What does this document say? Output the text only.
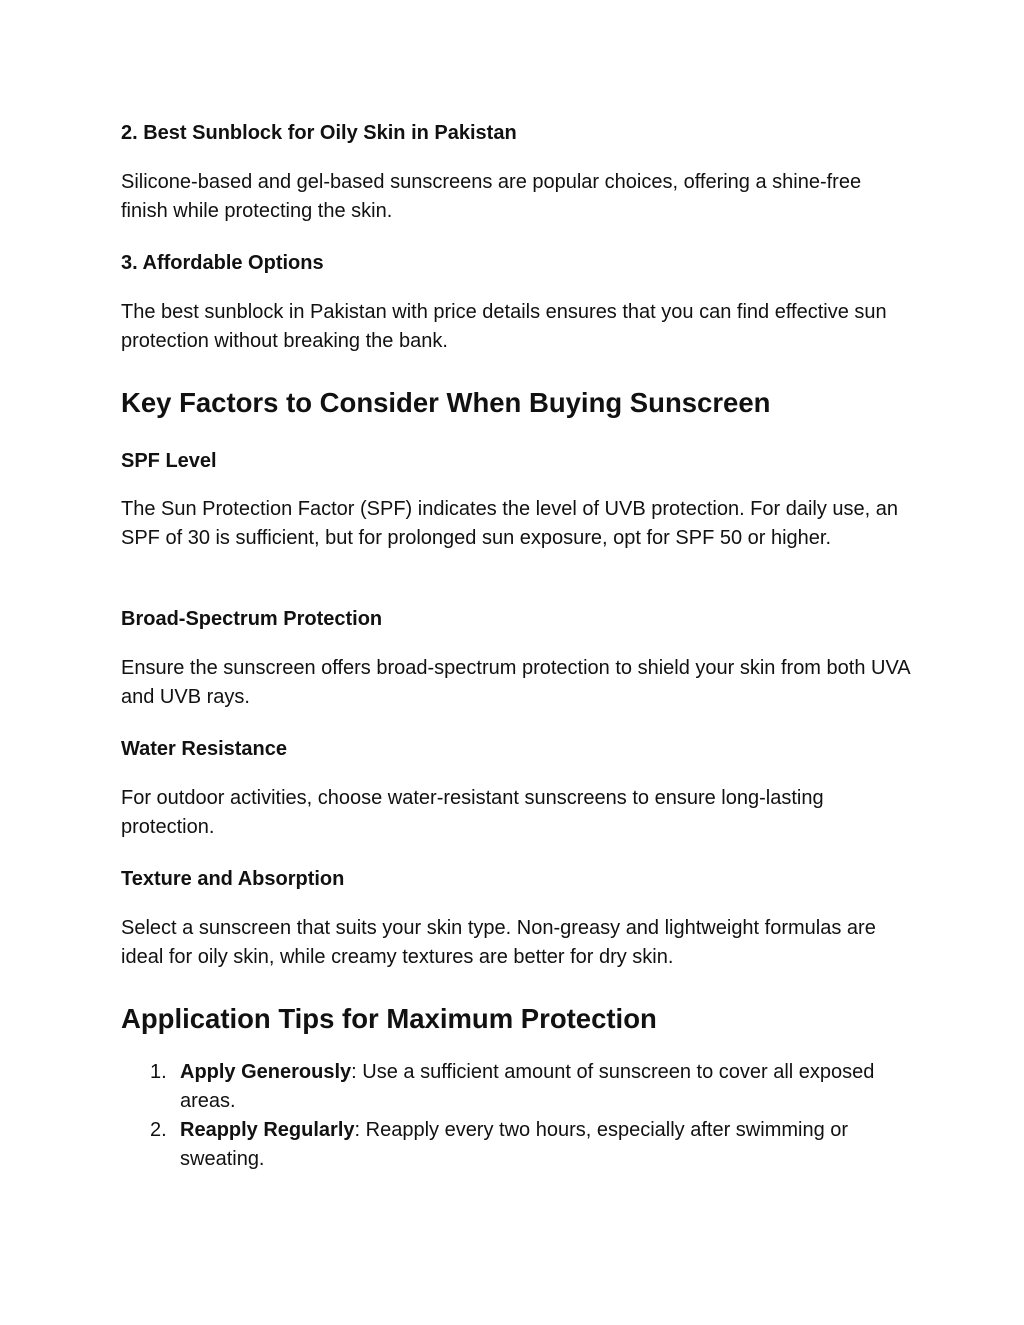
2. Best Sunblock for Oily Skin in Pakistan

Silicone-based and gel-based sunscreens are popular choices, offering a shine-free finish while protecting the skin.

3. Affordable Options

The best sunblock in Pakistan with price details ensures that you can find effective sun protection without breaking the bank.

Key Factors to Consider When Buying Sunscreen
SPF Level

The Sun Protection Factor (SPF) indicates the level of UVB protection. For daily use, an SPF of 30 is sufficient, but for prolonged sun exposure, opt for SPF 50 or higher.

Broad-Spectrum Protection

Ensure the sunscreen offers broad-spectrum protection to shield your skin from both UVA and UVB rays.

Water Resistance

For outdoor activities, choose water-resistant sunscreens to ensure long-lasting protection.

Texture and Absorption

Select a sunscreen that suits your skin type. Non-greasy and lightweight formulas are ideal for oily skin, while creamy textures are better for dry skin.

Application Tips for Maximum Protection
1. Apply Generously: Use a sufficient amount of sunscreen to cover all exposed areas.
2. Reapply Regularly: Reapply every two hours, especially after swimming or sweating.
